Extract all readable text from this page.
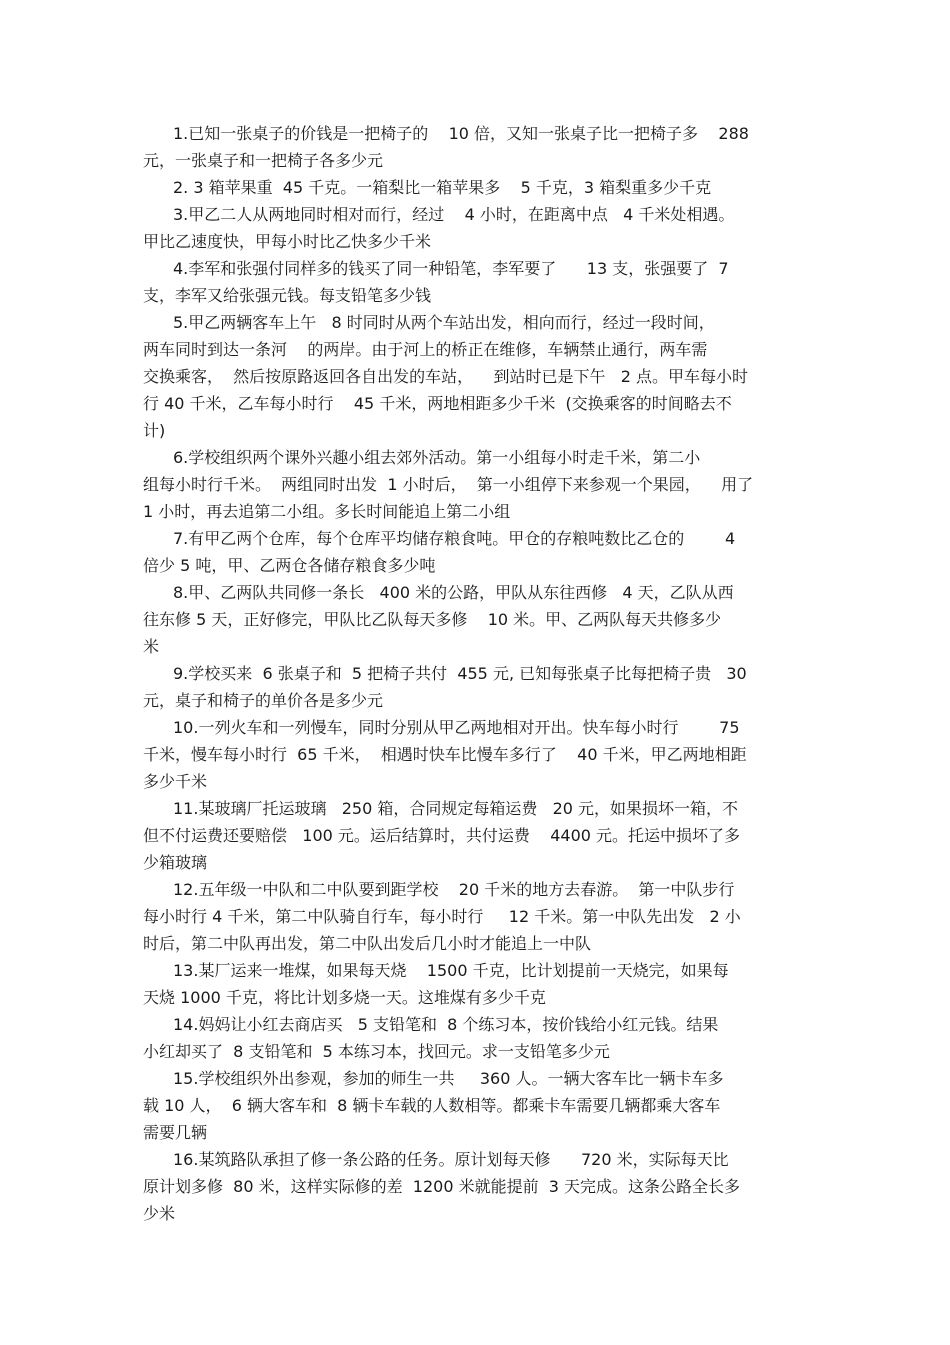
1.已知一张桌子的价钱是一把椅子的    10 倍，又知一张桌子比一把椅子多    288
元，一张桌子和一把椅子各多少元
2. 3 箱苹果重  45 千克。一箱梨比一箱苹果多    5 千克，3 箱梨重多少千克
3.甲乙二人从两地同时相对而行，经过    4 小时，在距离中点   4 千米处相遇。
甲比乙速度快，甲每小时比乙快多少千米
4.李军和张强付同样多的钱买了同一种铅笔，李军要了      13 支，张强要了  7
支，李军又给张强元钱。每支铅笔多少钱
5.甲乙两辆客车上午   8 时同时从两个车站出发，相向而行，经过一段时间，
两车同时到达一条河    的两岸。由于河上的桥正在维修，车辆禁止通行，两车需
交换乘客，  然后按原路返回各自出发的车站，    到站时已是下午   2 点。甲车每小时
行 40 千米，乙车每小时行    45 千米，两地相距多少千米  (交换乘客的时间略去不
计)
6.学校组织两个课外兴趣小组去郊外活动。第一小组每小时走千米，第二小
组每小时行千米。  两组同时出发  1 小时后，  第一小组停下来参观一个果园，    用了
1 小时，再去追第二小组。多长时间能追上第二小组
7.有甲乙两个仓库，每个仓库平均储存粮食吨。甲仓的存粮吨数比乙仓的        4
倍少 5 吨，甲、乙两仓各储存粮食多少吨
8.甲、乙两队共同修一条长   400 米的公路，甲队从东往西修   4 天，乙队从西
往东修 5 天，正好修完，甲队比乙队每天多修    10 米。甲、乙两队每天共修多少
米
9.学校买来  6 张桌子和  5 把椅子共付  455 元, 已知每张桌子比每把椅子贵   30
元，桌子和椅子的单价各是多少元
10.一列火车和一列慢车，同时分别从甲乙两地相对开出。快车每小时行        75
千米，慢车每小时行  65 千米，  相遇时快车比慢车多行了    40 千米，甲乙两地相距
多少千米
11.某玻璃厂托运玻璃   250 箱，合同规定每箱运费   20 元，如果损坏一箱，不
但不付运费还要赔偿   100 元。运后结算时，共付运费    4400 元。托运中损坏了多
少箱玻璃
12.五年级一中队和二中队要到距学校    20 千米的地方去春游。  第一中队步行
每小时行 4 千米，第二中队骑自行车，每小时行     12 千米。第一中队先出发   2 小
时后，第二中队再出发，第二中队出发后几小时才能追上一中队
13.某厂运来一堆煤，如果每天烧    1500 千克，比计划提前一天烧完，如果每
天烧 1000 千克，将比计划多烧一天。这堆煤有多少千克
14.妈妈让小红去商店买   5 支铅笔和  8 个练习本，按价钱给小红元钱。结果
小红却买了  8 支铅笔和  5 本练习本，找回元。求一支铅笔多少元
15.学校组织外出参观，参加的师生一共     360 人。一辆大客车比一辆卡车多
载 10 人，  6 辆大客车和  8 辆卡车载的人数相等。都乘卡车需要几辆都乘大客车
需要几辆
16.某筑路队承担了修一条公路的任务。原计划每天修      720 米，实际每天比
原计划多修  80 米，这样实际修的差  1200 米就能提前  3 天完成。这条公路全长多
少米
